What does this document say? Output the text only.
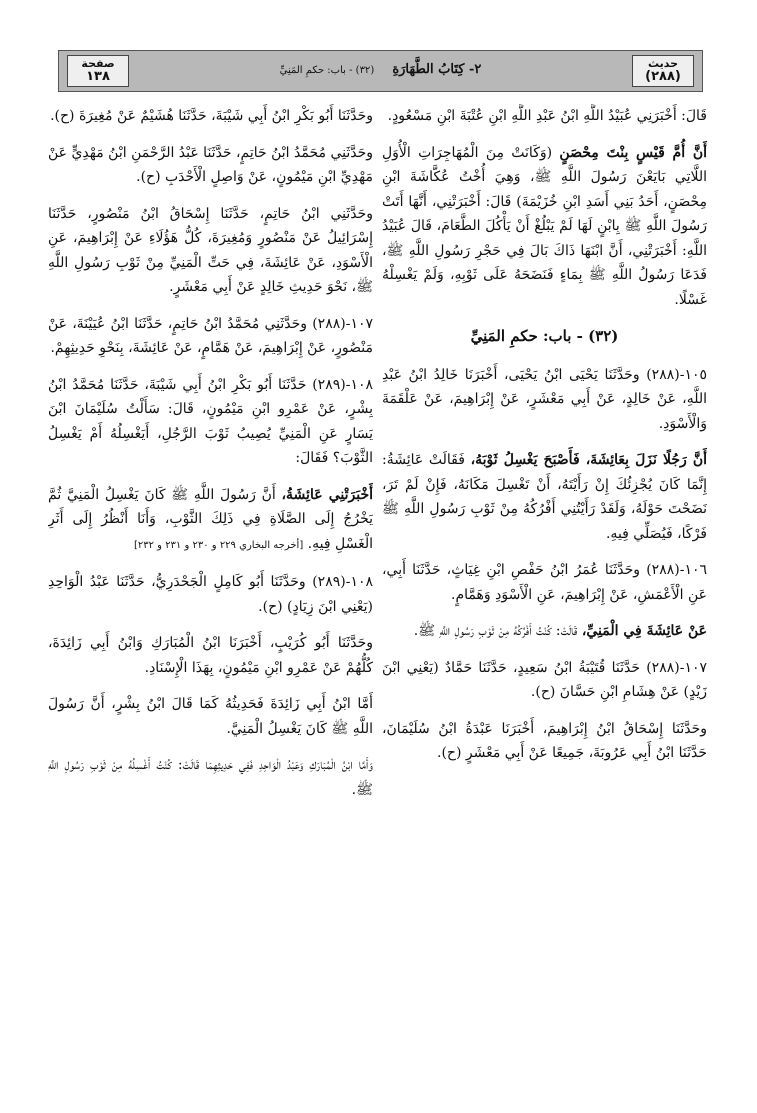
صفحة
١٣٨	٢- كِتَابُ الطَّهَارَةِ    (٣٢) - باب: حكمِ المَنِيِّ
حديث
(٢٨٨)

قَالَ: أَخْبَرَنِي عُبَيْدُ اللَّهِ ابْنُ عَبْدِ اللَّهِ ابْنِ عُتْبَةَ ابْنِ مَسْعُودٍ.

أَنَّ أُمَّ قَيْسٍ بِنْتَ مِحْصَنٍ (وَكَانَتْ مِنَ الْمُهَاجِرَاتِ الْأُوَلِ اللَّاتِي بَايَعْنَ رَسُولَ اللَّهِ ﷺ، وَهِيَ أُخْتُ عُكَّاشَةَ ابْنِ مِحْصَنٍ، أَحَدُ بَنِي أَسَدِ ابْنِ خُزَيْمَةَ) قَالَ: أَخْبَرَتْنِي، أَنَّهَا أَتَتْ رَسُولَ اللَّهِ ﷺ بِابْنٍ لَهَا لَمْ يَبْلُغْ أَنْ يَأْكُلَ الطَّعَامَ، قَالَ عُبَيْدُ اللَّهِ: أَخْبَرَتْنِي، أَنَّ ابْنَهَا ذَاكَ بَالَ فِي حَجْرِ رَسُولِ اللَّهِ ﷺ، فَدَعَا رَسُولُ اللَّهِ ﷺ بِمَاءٍ فَنَضَحَهُ عَلَى ثَوْبِهِ، وَلَمْ يَغْسِلْهُ غَسْلًا.

(٣٢) - باب: حكمِ المَنِيِّ

١٠٥-(٢٨٨) وحَدَّثَنَا يَحْيَى ابْنُ يَحْيَى، أَخْبَرَنَا خَالِدُ ابْنُ عَبْدِ اللَّهِ، عَنْ خَالِدٍ، عَنْ أَبِي مَعْشَرٍ، عَنْ إِبْرَاهِيمَ، عَنْ عَلْقَمَةَ وَالْأَسْوَدِ.

أَنَّ رَجُلًا نَزَلَ بِعَائِشَةَ، فَأَصْبَحَ يَغْسِلُ ثَوْبَهُ، فَقَالَتْ عَائِشَةُ: إِنَّمَا كَانَ يُجْزِئُكَ إِنْ رَأَيْتَهُ، أَنْ تَغْسِلَ مَكَانَهُ، فَإِنْ لَمْ تَرَ، نَضَحْتَ حَوْلَهُ، وَلَقَدْ رَأَيْتُنِي أَفْرُكُهُ مِنْ ثَوْبِ رَسُولِ اللَّهِ ﷺ فَرْكًا، فَيُصَلِّي فِيهِ.

١٠٦-(٢٨٨) وحَدَّثَنَا عُمَرُ ابْنُ حَفْصِ ابْنِ غِيَاثٍ، حَدَّثَنَا أَبِي، عَنِ الْأَعْمَشِ، عَنْ إِبْرَاهِيمَ، عَنِ الْأَسْوَدِ وَهَمَّامٍ.

عَنْ عَائِشَةَ فِي الْمَنِيِّ، قَالَتْ: كُنْتُ أَفْرُكُهُ مِنْ ثَوْبِ رَسُولِ اللَّهِ ﷺ.

١٠٧-(٢٨٨) حَدَّثَنَا قُتَيْبَةُ ابْنُ سَعِيدٍ، حَدَّثَنَا حَمَّادٌ (يَعْنِي ابْنَ زَيْدٍ) عَنْ هِشَامِ ابْنِ حَسَّانَ (ح).

وحَدَّثَنَا إِسْحَاقُ ابْنُ إِبْرَاهِيمَ، أَخْبَرَنَا عَبْدَةُ ابْنُ سُلَيْمَانَ، حَدَّثَنَا ابْنُ أَبِي عَرُوبَةَ، جَمِيعًا عَنْ أَبِي مَعْشَرٍ (ح).

وحَدَّثَنَا أَبُو بَكْرِ ابْنُ أَبِي شَيْبَةَ، حَدَّثَنَا هُشَيْمٌ عَنْ مُغِيرَةَ (ح).

وحَدَّثَنِي مُحَمَّدُ ابْنُ حَاتِمٍ، حَدَّثَنَا عَبْدُ الرَّحْمَنِ ابْنُ مَهْدِيٍّ عَنْ مَهْدِيِّ ابْنِ مَيْمُونٍ، عَنْ وَاصِلٍ الْأَحْدَبِ (ح).

وحَدَّثَنِي ابْنُ حَاتِمٍ، حَدَّثَنَا إِسْحَاقُ ابْنُ مَنْصُورٍ، حَدَّثَنَا إِسْرَائِيلُ عَنْ مَنْصُورٍ وَمُغِيرَةَ، كُلُّ هَؤُلَاءِ عَنْ إِبْرَاهِيمَ، عَنِ الْأَسْوَدِ، عَنْ عَائِشَةَ، فِي حَتِّ الْمَنِيِّ مِنْ ثَوْبِ رَسُولِ اللَّهِ ﷺ، نَحْوَ حَدِيثِ خَالِدٍ عَنْ أَبِي مَعْشَرٍ.

١٠٧-(٢٨٨) وحَدَّثَنِي مُحَمَّدُ ابْنُ حَاتِمٍ، حَدَّثَنَا ابْنُ عُيَيْنَةَ، عَنْ مَنْصُورٍ، عَنْ إِبْرَاهِيمَ، عَنْ هَمَّامٍ، عَنْ عَائِشَةَ، بِنَحْوِ حَدِيثِهِمْ.

١٠٨-(٢٨٩) حَدَّثَنَا أَبُو بَكْرِ ابْنُ أَبِي شَيْبَةَ، حَدَّثَنَا مُحَمَّدُ ابْنُ بِشْرٍ، عَنْ عَمْرِو ابْنِ مَيْمُونٍ، قَالَ: سَأَلْتُ سُلَيْمَانَ ابْنَ يَسَارٍ عَنِ الْمَنِيِّ يُصِيبُ ثَوْبَ الرَّجُلِ، أَيَغْسِلُهُ أَمْ يَغْسِلُ الثَّوْبَ؟ فَقَالَ:

أَخْبَرَتْنِي عَائِشَةُ، أَنَّ رَسُولَ اللَّهِ ﷺ كَانَ يَغْسِلُ الْمَنِيَّ ثُمَّ يَخْرُجُ إِلَى الصَّلَاةِ فِي ذَلِكَ الثَّوْبِ، وَأَنَا أَنْظُرُ إِلَى أَثَرِ الْغَسْلِ فِيهِ. [أخرجه البخاري ٢٢٩ و ٢٣٠ و ٢٣١ و ٢٣٢]

١٠٨-(٢٨٩) وحَدَّثَنَا أَبُو كَامِلٍ الْجَحْدَرِيُّ، حَدَّثَنَا عَبْدُ الْوَاحِدِ (يَعْنِي ابْنَ زِيَادٍ) (ح).

وحَدَّثَنَا أَبُو كُرَيْبٍ، أَخْبَرَنَا ابْنُ الْمُبَارَكِ وَابْنُ أَبِي زَائِدَةَ، كُلُّهُمْ عَنْ عَمْرِو ابْنِ مَيْمُونٍ، بِهَذَا الْإِسْنَادِ.

أَمَّا ابْنُ أَبِي زَائِدَةَ فَحَدِيثُهُ كَمَا قَالَ ابْنُ بِشْرٍ، أَنَّ رَسُولَ اللَّهِ ﷺ كَانَ يَغْسِلُ الْمَنِيَّ.

وَأَمَّا ابْنُ الْمُبَارَكِ وَعَبْدُ الْوَاحِدِ فَفِي حَدِيثِهِمَا قَالَتْ: كُنْتُ أَغْسِلُهُ مِنْ ثَوْبِ رَسُولِ اللَّهِ ﷺ.
